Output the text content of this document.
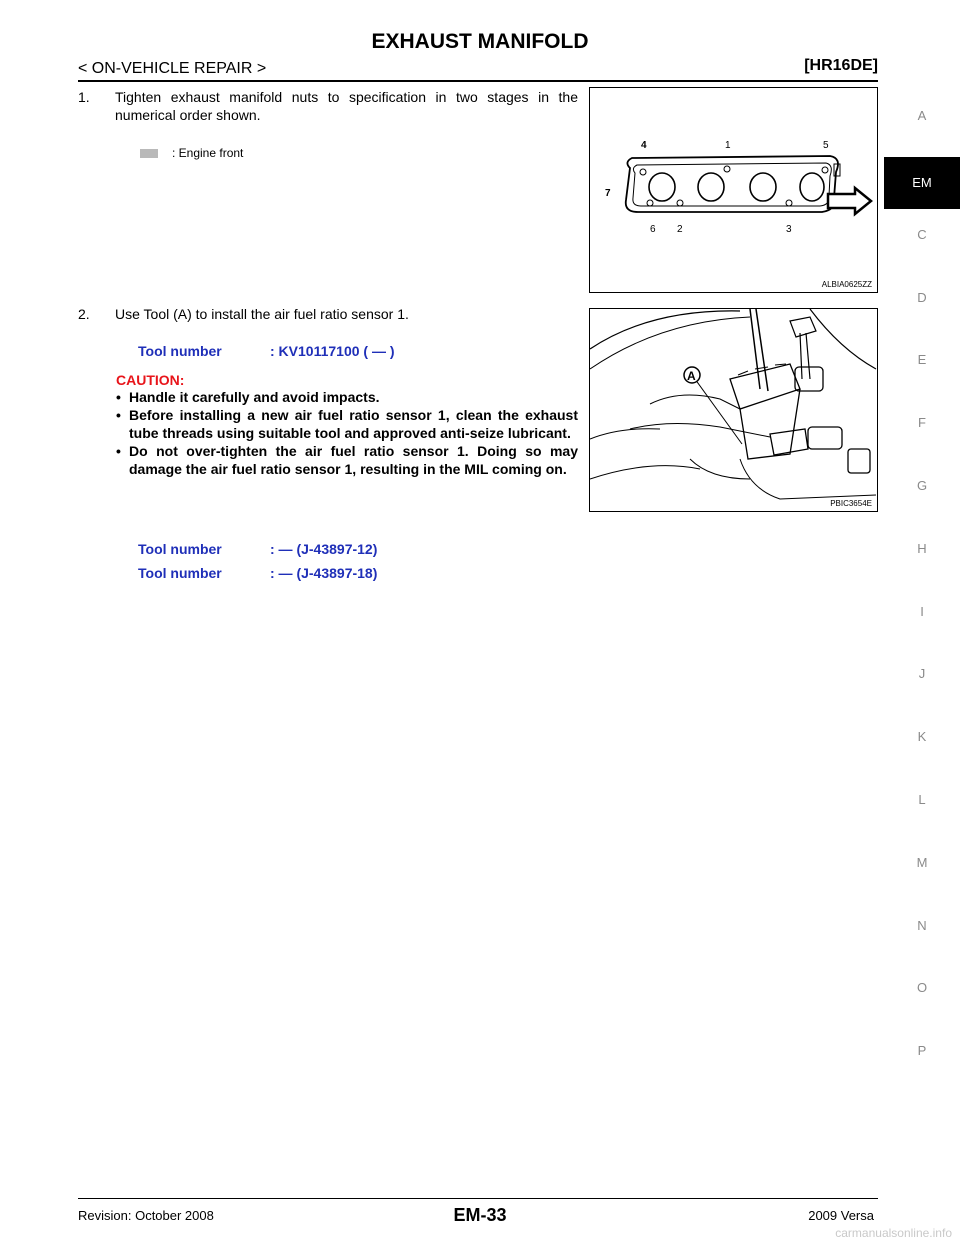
EXHAUST MANIFOLD
< ON-VEHICLE REPAIR >	[HR16DE]
1.	Tighten exhaust manifold nuts to specification in two stages in the numerical order shown.
: Engine front
4	1	5
7
6 2	3
ALBIA0625ZZ
2.	Use Tool (A) to install the air fuel ratio sensor 1.
Tool number	: KV10117100 ( — )
CAUTION:
• Handle it carefully and avoid impacts.
• Before installing a new air fuel ratio sensor 1, clean the exhaust tube threads using suitable tool and approved anti-seize lubricant.
• Do not over-tighten the air fuel ratio sensor 1. Doing so may damage the air fuel ratio sensor 1, resulting in the MIL coming on.
A
PBIC3654E
Tool number	: — (J-43897-12)
Tool number	: — (J-43897-18)
A
EM
C
D
E
F
G
H
I
J
K
L
M
N
O
P
Revision: October 2008	EM-33	2009 Versa
carmanualsonline.info
